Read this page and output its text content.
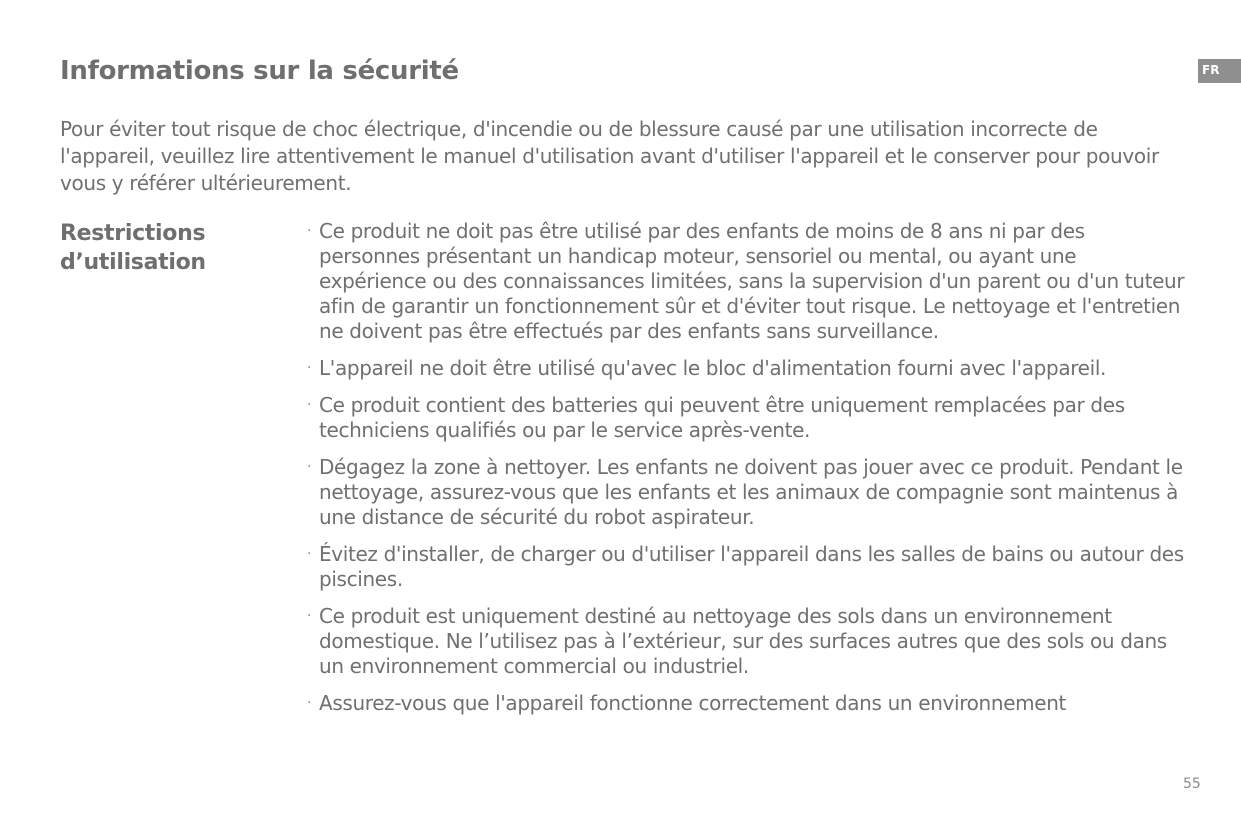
Informations sur la sécurité	FR
Pour éviter tout risque de choc électrique, d'incendie ou de blessure causé par une utilisation incorrecte de l'appareil, veuillez lire attentivement le manuel d'utilisation avant d'utiliser l'appareil et le conserver pour pouvoir vous y référer ultérieurement.
Restrictions d’utilisation
· Ce produit ne doit pas être utilisé par des enfants de moins de 8 ans ni par des personnes présentant un handicap moteur, sensoriel ou mental, ou ayant une expérience ou des connaissances limitées, sans la supervision d'un parent ou d'un tuteur afin de garantir un fonctionnement sûr et d'éviter tout risque. Le nettoyage et l'entretien ne doivent pas être effectués par des enfants sans surveillance.
· L'appareil ne doit être utilisé qu'avec le bloc d'alimentation fourni avec l'appareil.
· Ce produit contient des batteries qui peuvent être uniquement remplacées par des techniciens qualifiés ou par le service après-vente.
· Dégagez la zone à nettoyer. Les enfants ne doivent pas jouer avec ce produit. Pendant le nettoyage, assurez-vous que les enfants et les animaux de compagnie sont maintenus à une distance de sécurité du robot aspirateur.
· Évitez d'installer, de charger ou d'utiliser l'appareil dans les salles de bains ou autour des piscines.
· Ce produit est uniquement destiné au nettoyage des sols dans un environnement domestique. Ne l’utilisez pas à l’extérieur, sur des surfaces autres que des sols ou dans un environnement commercial ou industriel.
· Assurez-vous que l'appareil fonctionne correctement dans un environnement
55
